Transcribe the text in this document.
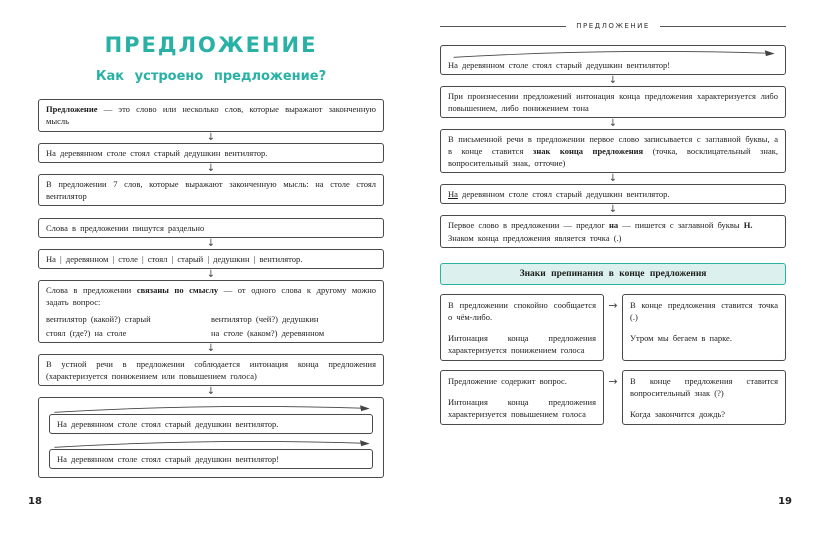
ПРЕДЛОЖЕНИЕ
Как устроено предложение?
Предложение — это слово или несколько слов, которые выражают законченную мысль
↓
На деревянном столе стоял старый дедушкин вентилятор.
↓
В предложении 7 слов, которые выражают законченную мысль: на столе стоял вентилятор
Слова в предложении пишутся раздельно
↓
На | деревянном | столе | стоял | старый | дедушкин | вентилятор.
↓
Слова в предложении связаны по смыслу — от одного слова к другому можно задать вопрос:
вентилятор (какой?) старый	вентилятор (чей?) дедушкин
стоял (где?) на столе	на столе (каком?) деревянном
↓
В устной речи в предложении соблюдается интонация конца предложения (характеризуется понижением или повышением голоса)
↓
На деревянном столе стоял старый дедушкин вентилятор.
На деревянном столе стоял старый дедушкин вентилятор!
18
ПРЕДЛОЖЕНИЕ
На деревянном столе стоял старый дедушкин вентилятор!
↓
При произнесении предложений интонация конца предложения характеризуется либо повышением, либо понижением тона
↓
В письменной речи в предложении первое слово записывается с заглавной буквы, а в конце ставится знак конца предложения (точка, восклицательный знак, вопросительный знак, отточие)
↓
На деревянном столе стоял старый дедушкин вентилятор.
↓

Первое слово в предложении — предлог на — пишется с заглавной буквы Н.

Знаком конца предложения является точка (.)

Знаки препинания в конце предложения

В предложении спокойно сообщается о чём-либо.

Интонация конца предложения характеризуется понижением голоса

→	В конце предложения ставится точка (.)

Утром мы бегаем в парке.

Предложение содержит вопрос.

Интонация конца предложения характеризуется повышением голоса

→	В конце предложения ставится вопросительный знак (?)

Когда закончится дождь?

19
